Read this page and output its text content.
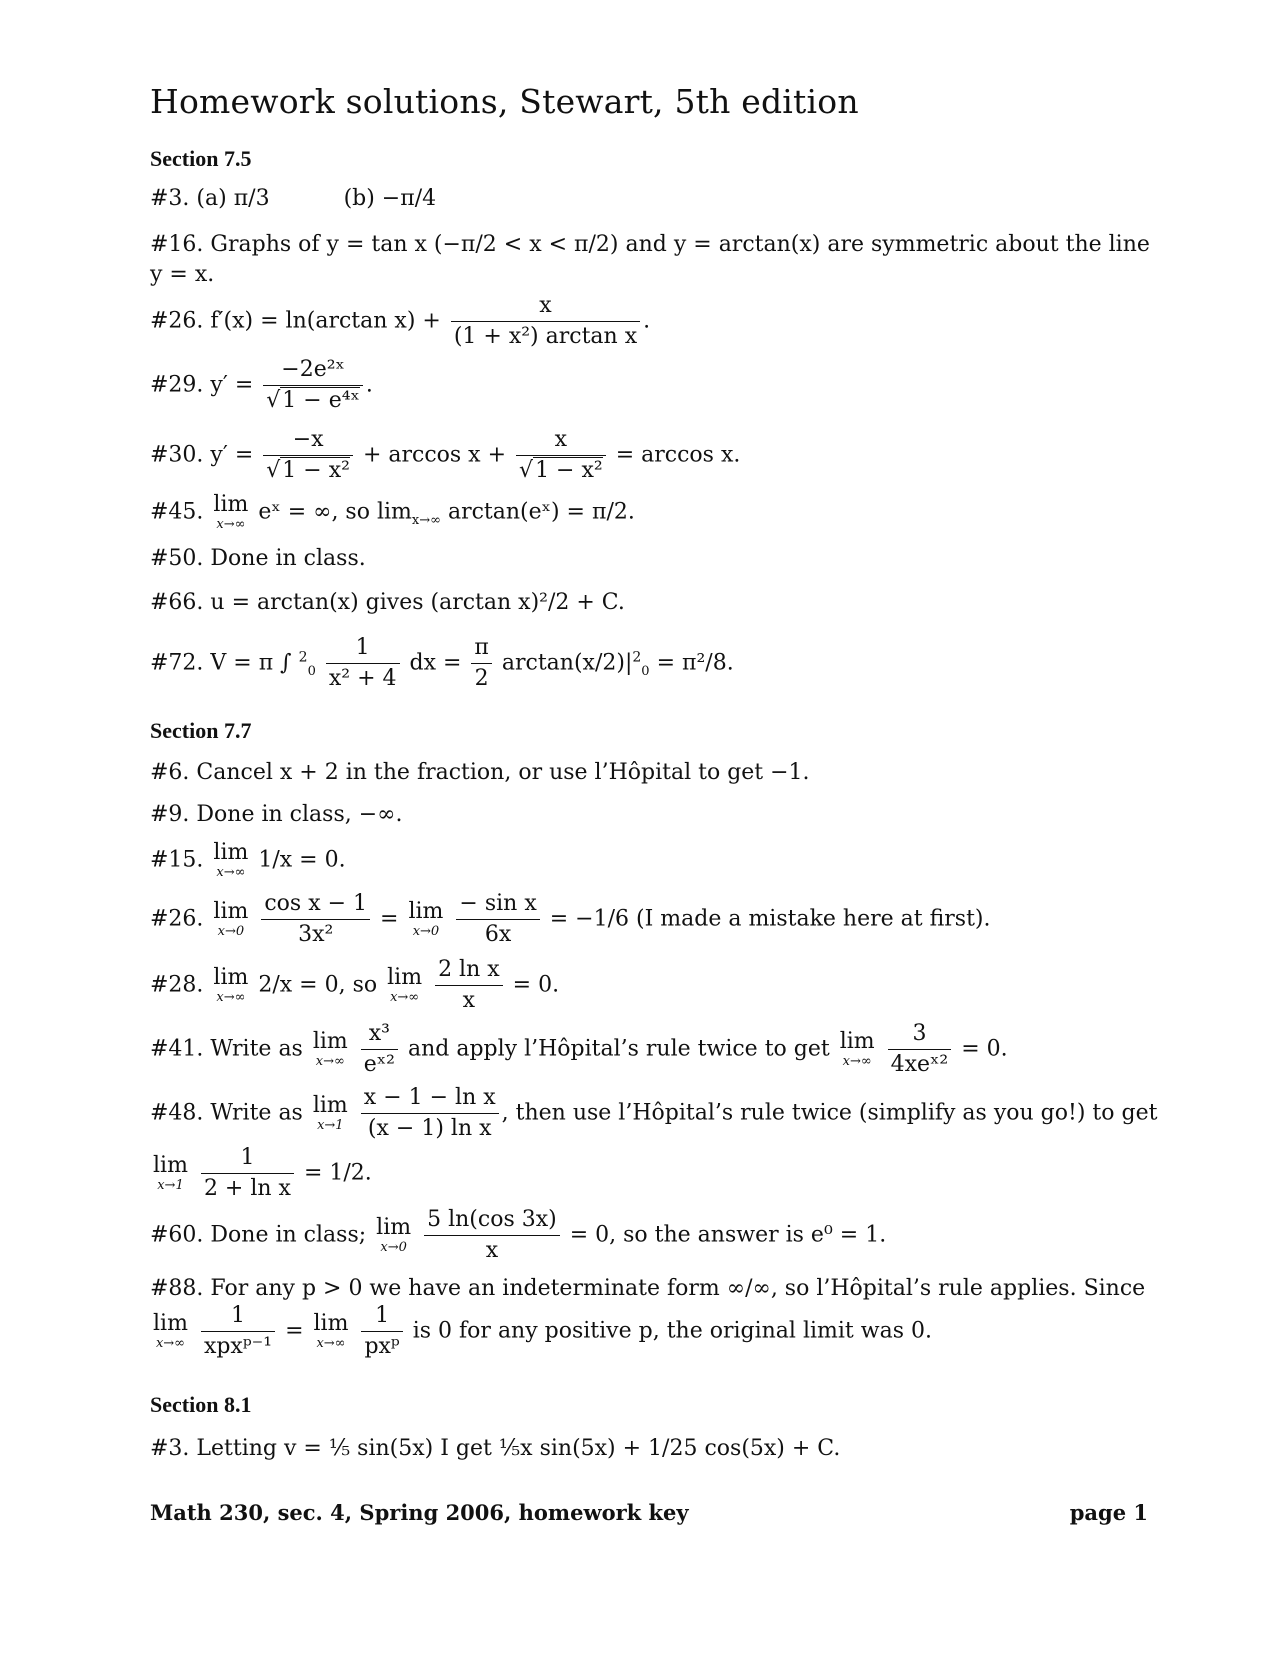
Homework solutions, Stewart, 5th edition
Section 7.5
#3. (a) π/3	(b) −π/4
#16. Graphs of y = tan x (−π/2 < x < π/2) and y = arctan(x) are symmetric about the line
y = x.
#26. f′(x) = ln(arctan $x) + \frac{x}{\text{(1 + x²) arctan x}}$ .
#29. $y' = \frac{\text{−2e²ˣ}}{\text{√1 − e⁴ˣ}}$ .
#30. $y' = \frac{-x}{\text{√1 − x²}} + \arccos x + \frac{x}{\text{√1 − x²}} = \arccos x$.
#45. lim
x→∞ eˣ = ∞, so $\lim_{x\to\infty}$ arctan(eˣ) = π/2.
#50. Done in class.
#66. u = arctan(x) gives (arctan x)²/2 + C.
#72. V = π ∫ $^2_0 \frac{1}{\text{x² + 4}}$ dx = $\frac{\pi}{2} \arctan(x/2)|^2_0 = \pi^2/8$.
Section 7.7
#6. Cancel x + 2 in the fraction, or use l’Hôpital to get −1.
#9. Done in class, −∞.
#15. lim
x→∞ 1/x = 0.
#26. lim
x→0
$\frac{\text{cos x − 1}}{\text{3x²}} = \lim$
x→0
$\frac{\text{− sin x}}{6x} = -1/6$ (I made a mistake here at first).
#28. lim
x→∞ 2/x = 0, so lim
x→∞
$\frac{\text{2 ln x}}{x} = 0$.
#41. Write as lim
x→∞
$\frac{\text{x³}}{\text{eˣ²}}$ and apply l’Hôpital’s rule twice to get lim
x→∞
$\frac{3}{\text{4xeˣ²}} = 0$.
#48. Write as lim
x→1
$\frac{\text{x − 1 − ln x}}{\text{(x − 1) ln x}}$ , then use l’Hôpital’s rule twice (simplify as you go!) to get
lim
x→1
$\frac{1}{\text{2 + ln x}} = 1/2$.
#60. Done in class; lim
x→0
$\frac{5 \ln(\cos 3x)}{x} = 0$, so the answer is e⁰ = 1.
#88. For any p > 0 we have an indeterminate form ∞/∞, so l’Hôpital’s rule applies. Since
lim
x→∞
$\frac{1}{\text{xpxᵖ⁻¹}} = \lim$
x→∞
$\frac{1}{\text{pxᵖ}}$ is 0 for any positive p, the original limit was 0.
Section 8.1
#3. Letting v = ⅕ sin(5x) I get ⅕x sin(5x) + 1/25 cos(5x) + C.
Math 230, sec. 4, Spring 2006, homework key	page 1
